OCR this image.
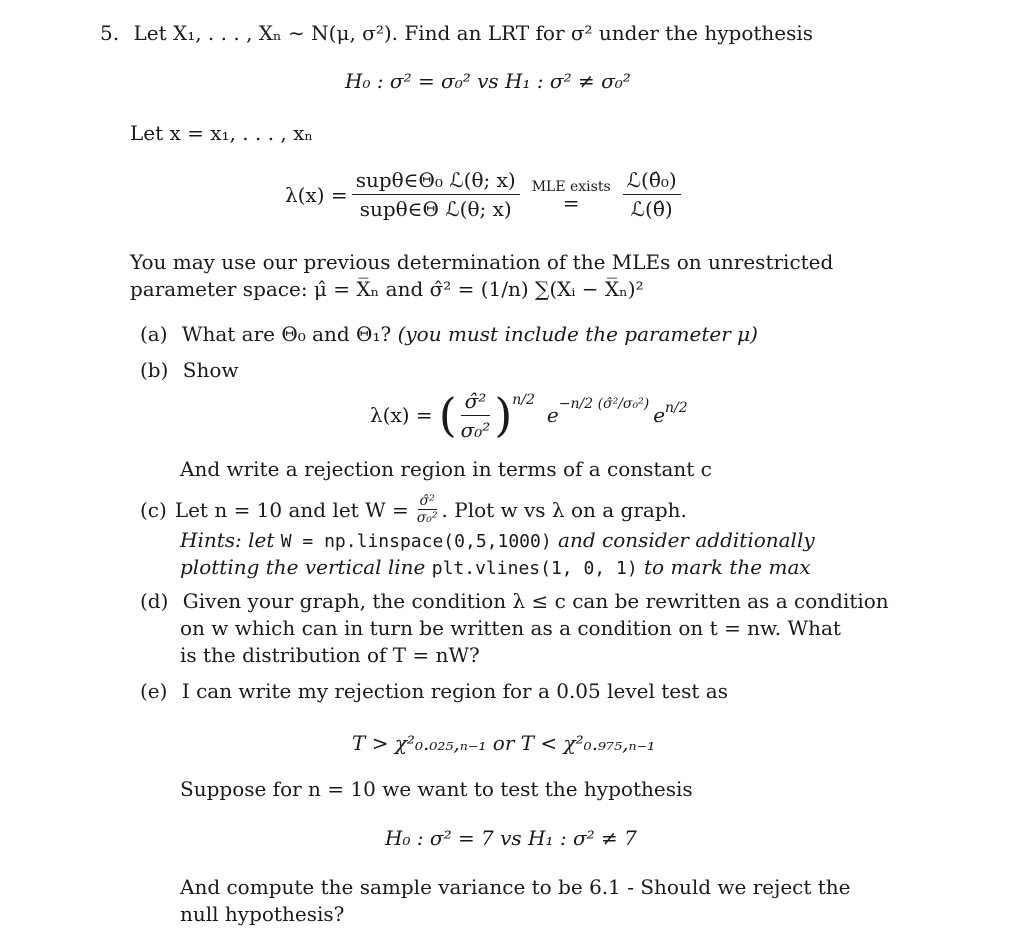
5. Let X₁, . . . , Xₙ ∼ N(μ, σ²). Find an LRT for σ² under the hypothesis
H₀ : σ² = σ₀² vs H₁ : σ² ≠ σ₀²
Let x = x₁, . . . , xₙ
$\lambda(x) = \frac{\text{supθ∈Θ₀ ℒ(θ; x)}}{\text{supθ∈Θ ℒ(θ; x)}}$ MLE exists
= $\frac{\text{ℒ(θ̂₀)}}{\text{ℒ(θ̂)}}$
You may use our previous determination of the MLEs on unrestricted
parameter space: μ̂ = X̅ₙ and σ̂² = (1/n) ∑(Xᵢ − X̅ₙ)²
(a) What are Θ₀ and Θ₁? (you must include the parameter μ)
(b) Show
λ(x) = ( $\frac{\text{σ̂²}}{\text{σ₀²}}$ ) n/2
e −n/2 (σ̂²/σ₀²) e n/2
And write a rejection region in terms of a constant c
(c) Let n = 10 and let $W = \frac{\text{σ̂²}}{\text{σ₀²}}$ . Plot w vs λ on a graph.
Hints: let W = np.linspace(0,5,1000) and consider additionally
plotting the vertical line plt.vlines(1, 0, 1) to mark the max
(d) Given your graph, the condition λ ≤ c can be rewritten as a condition
on w which can in turn be written as a condition on t = nw. What
is the distribution of T = nW?
(e) I can write my rejection region for a 0.05 level test as
T > χ²₀.₀₂₅,ₙ₋₁ or T < χ²₀.₉₇₅,ₙ₋₁
Suppose for n = 10 we want to test the hypothesis
H₀ : σ² = 7 vs H₁ : σ² ≠ 7
And compute the sample variance to be 6.1 - Should we reject the
null hypothesis?
